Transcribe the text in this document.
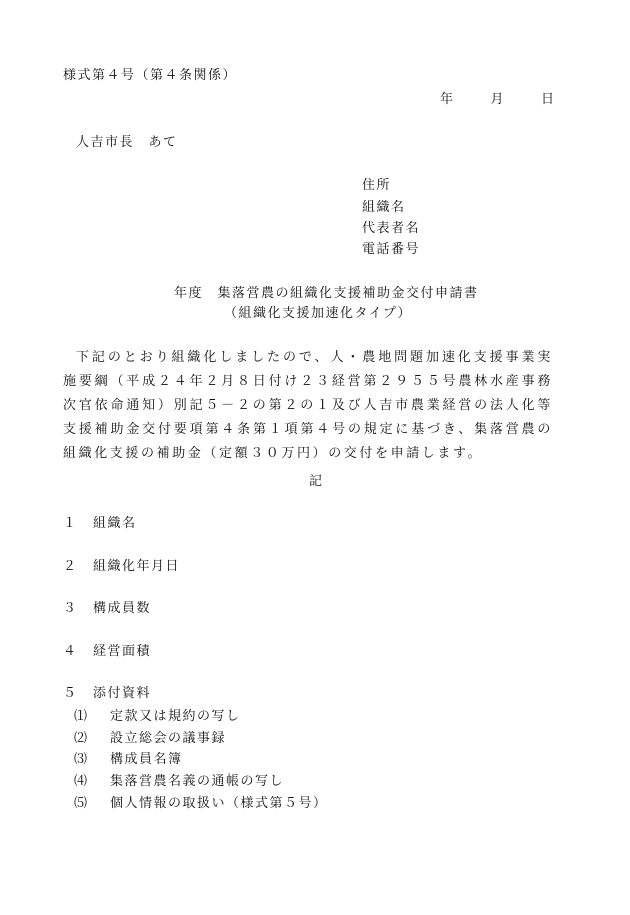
様式第４号（第４条関係）
年	月	日
人吉市長　あて
住所
組織名
代表者名
電話番号
年度　集落営農の組織化支援補助金交付申請書
（組織化支援加速化タイプ）
下記のとおり組織化しましたので、人・農地問題加速化支援事業実施要綱（平成２４年２月８日付け２３経営第２９５５号農林水産事務次官依命通知）別記５－２の第２の１及び人吉市農業経営の法人化等支援補助金交付要項第４条第１項第４号の規定に基づき、集落営農の組織化支援の補助金（定額３０万円）の交付を申請します。
記
１ 組織名
２ 組織化年月日
３ 構成員数
４ 経営面積
５ 添付資料
⑴ 定款又は規約の写し
⑵ 設立総会の議事録
⑶ 構成員名簿
⑷ 集落営農名義の通帳の写し
⑸ 個人情報の取扱い（様式第５号）
